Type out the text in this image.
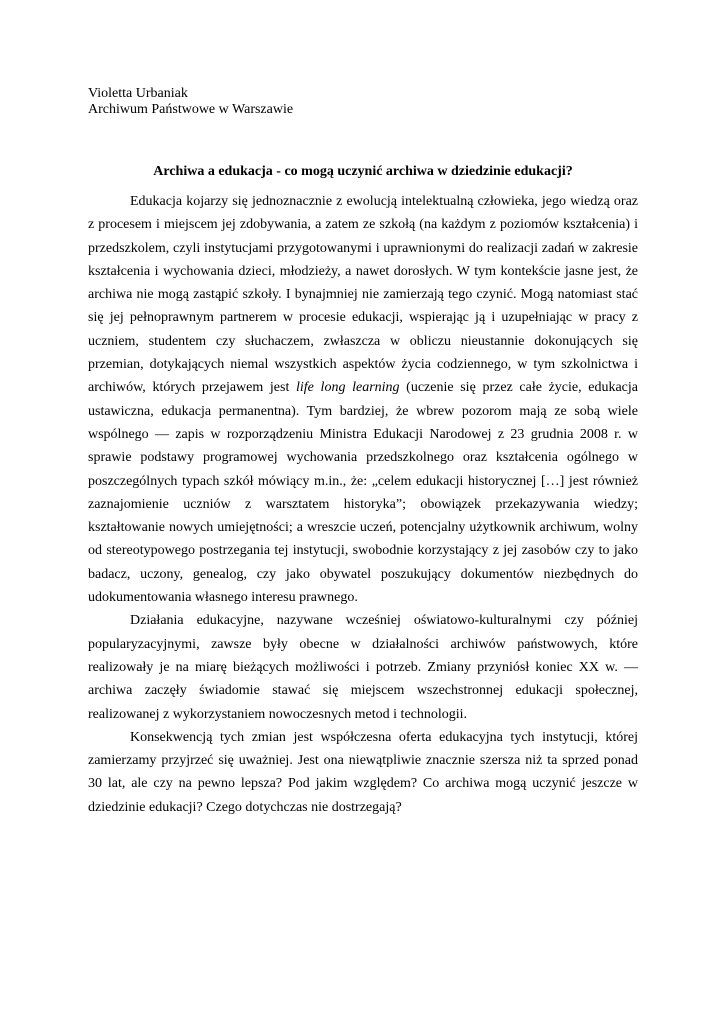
Violetta Urbaniak
Archiwum Państwowe w Warszawie
Archiwa a edukacja - co mogą uczynić archiwa w dziedzinie edukacji?

Edukacja kojarzy się jednoznacznie z ewolucją intelektualną człowieka, jego wiedzą oraz z procesem i miejscem jej zdobywania, a zatem ze szkołą (na każdym z poziomów kształcenia) i przedszkolem, czyli instytucjami przygotowanymi i uprawnionymi do realizacji zadań w zakresie kształcenia i wychowania dzieci, młodzieży, a nawet dorosłych. W tym kontekście jasne jest, że archiwa nie mogą zastąpić szkoły. I bynajmniej nie zamierzają tego czynić. Mogą natomiast stać się jej pełnoprawnym partnerem w procesie edukacji, wspierając ją i uzupełniając w pracy z uczniem, studentem czy słuchaczem, zwłaszcza w obliczu nieustannie dokonujących się przemian, dotykających niemal wszystkich aspektów życia codziennego, w tym szkolnictwa i archiwów, których przejawem jest life long learning (uczenie się przez całe życie, edukacja ustawiczna, edukacja permanentna). Tym bardziej, że wbrew pozorom mają ze sobą wiele wspólnego — zapis w rozporządzeniu Ministra Edukacji Narodowej z 23 grudnia 2008 r. w sprawie podstawy programowej wychowania przedszkolnego oraz kształcenia ogólnego w poszczególnych typach szkół mówiący m.in., że: „celem edukacji historycznej […] jest również zaznajomienie uczniów z warsztatem historyka”; obowiązek przekazywania wiedzy; kształtowanie nowych umiejętności; a wreszcie uczeń, potencjalny użytkownik archiwum, wolny od stereotypowego postrzegania tej instytucji, swobodnie korzystający z jej zasobów czy to jako badacz, uczony, genealog, czy jako obywatel poszukujący dokumentów niezbędnych do udokumentowania własnego interesu prawnego.

Działania edukacyjne, nazywane wcześniej oświatowo-kulturalnymi czy później popularyzacyjnymi, zawsze były obecne w działalności archiwów państwowych, które realizowały je na miarę bieżących możliwości i potrzeb. Zmiany przyniósł koniec XX w. — archiwa zaczęły świadomie stawać się miejscem wszechstronnej edukacji społecznej, realizowanej z wykorzystaniem nowoczesnych metod i technologii.

Konsekwencją tych zmian jest współczesna oferta edukacyjna tych instytucji, której zamierzamy przyjrzeć się uważniej. Jest ona niewątpliwie znacznie szersza niż ta sprzed ponad 30 lat, ale czy na pewno lepsza? Pod jakim względem? Co archiwa mogą uczynić jeszcze w dziedzinie edukacji? Czego dotychczas nie dostrzegają?
